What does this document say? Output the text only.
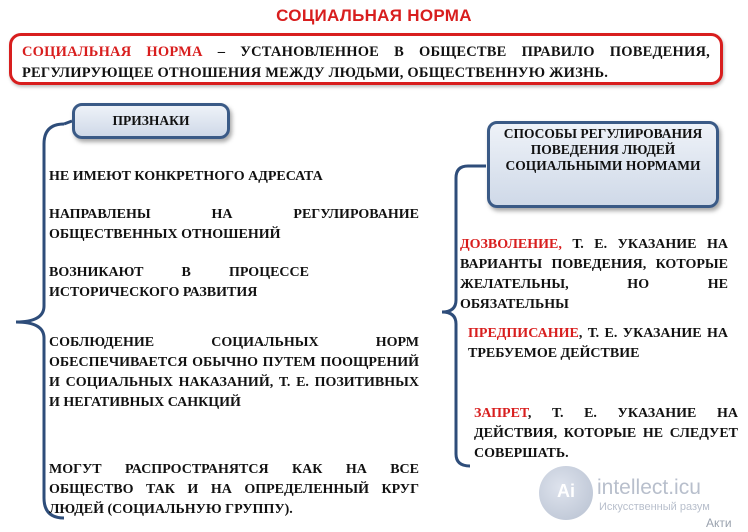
СОЦИАЛЬНАЯ НОРМА
СОЦИАЛЬНАЯ НОРМА – УСТАНОВЛЕННОЕ В ОБЩЕСТВЕ ПРАВИЛО ПОВЕДЕНИЯ, РЕГУЛИРУЮЩЕЕ ОТНОШЕНИЯ МЕЖДУ ЛЮДЬМИ, ОБЩЕСТВЕННУЮ ЖИЗНЬ.
ПРИЗНАКИ
НЕ ИМЕЮТ КОНКРЕТНОГО АДРЕСАТА
НАПРАВЛЕНЫ НА РЕГУЛИРОВАНИЕ ОБЩЕСТВЕННЫХ ОТНОШЕНИЙ
ВОЗНИКАЮТ В ПРОЦЕССЕ ИСТОРИЧЕСКОГО РАЗВИТИЯ
СОБЛЮДЕНИЕ СОЦИАЛЬНЫХ НОРМ ОБЕСПЕЧИВАЕТСЯ ОБЫЧНО ПУТЕМ ПООЩРЕНИЙ И СОЦИАЛЬНЫХ НАКАЗАНИЙ, Т. Е. ПОЗИТИВНЫХ И НЕГАТИВНЫХ САНКЦИЙ
МОГУТ РАСПРОСТРАНЯТСЯ КАК НА ВСЕ ОБЩЕСТВО ТАК И НА ОПРЕДЕЛЕННЫЙ КРУГ ЛЮДЕЙ (СОЦИАЛЬНУЮ ГРУППУ).
СПОСОБЫ РЕГУЛИРОВАНИЯ ПОВЕДЕНИЯ ЛЮДЕЙ СОЦИАЛЬНЫМИ НОРМАМИ
ДОЗВОЛЕНИЕ, Т. Е. УКАЗАНИЕ НА ВАРИАНТЫ ПОВЕДЕНИЯ, КОТОРЫЕ ЖЕЛАТЕЛЬНЫ, НО НЕ ОБЯЗАТЕЛЬНЫ
ПРЕДПИСАНИЕ, Т. Е. УКАЗАНИЕ НА ТРЕБУЕМОЕ ДЕЙСТВИЕ
ЗАПРЕТ, Т. Е. УКАЗАНИЕ НА ДЕЙСТВИЯ, КОТОРЫЕ НЕ СЛЕДУЕТ СОВЕРШАТЬ.
Ai	intellect.icu
Искусственный разум
Акти
